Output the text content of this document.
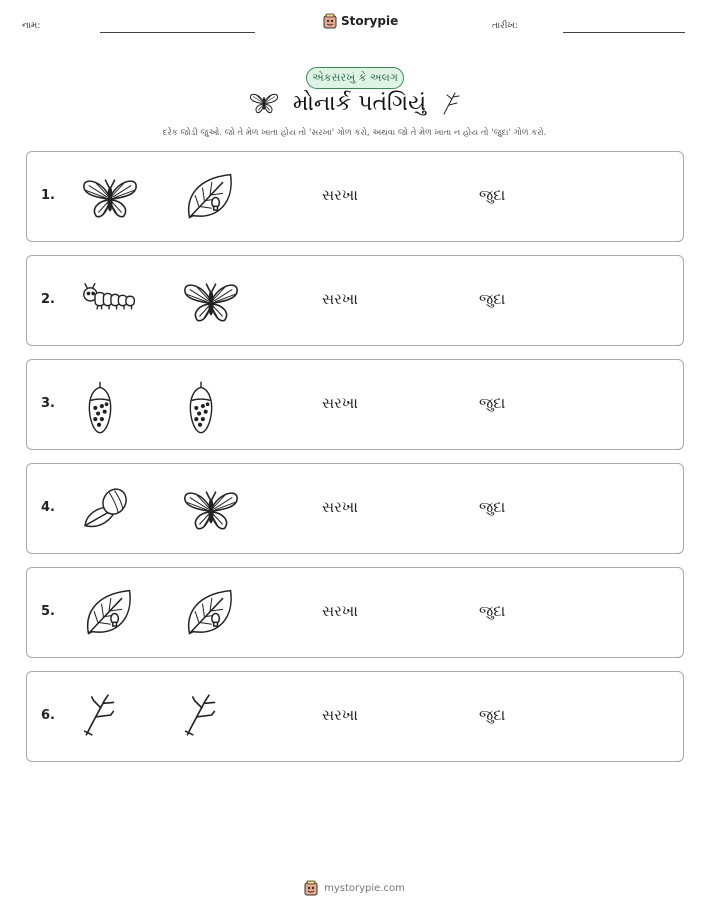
નામ:	Storypie	તારીખ:
એકસરખું કે અલગ
મોનાર્ક પતંગિયું
દરેક જોડી જુઓ. જો તે મેળ ખાતા હોય તો 'સરખા' ગોળ કરો, અથવા જો તે મેળ ખાતા ન હોય તો 'જુદા' ગોળ કરો.
1.	સરખા	જુદા
2.	સરખા	જુદા
3.	સરખા	જુદા
4.	સરખા	જુદા
5.	સરખા	જુદા
6.	સરખા	જુદા
mystorypie.com
